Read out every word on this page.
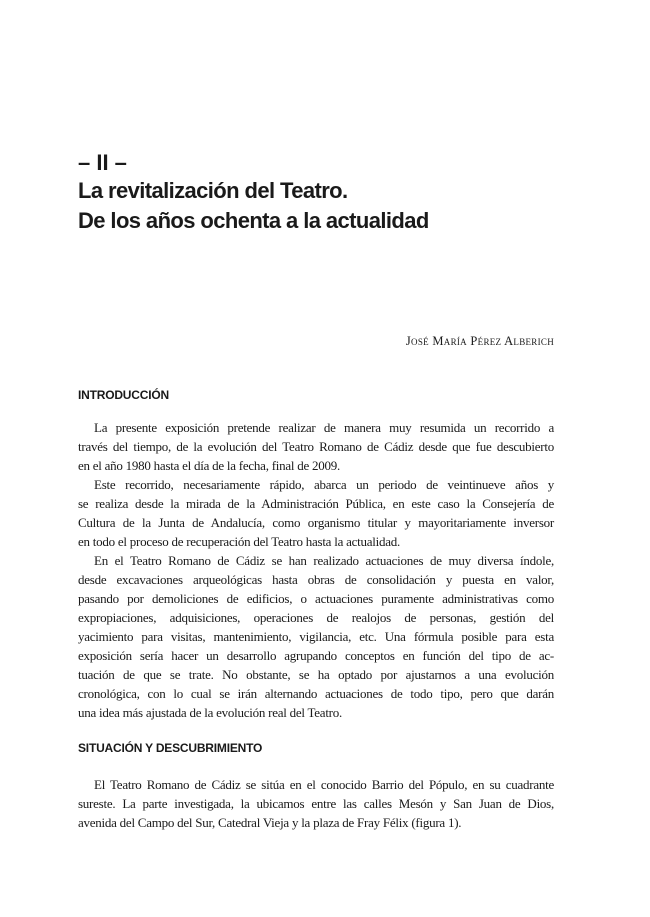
– II –
La revitalización del Teatro.
De los años ochenta a la actualidad
José María Pérez Alberich
INTRODUCCIÓN

La presente exposición pretende realizar de manera muy resumida un recorrido a
través del tiempo, de la evolución del Teatro Romano de Cádiz desde que fue descubierto
en el año 1980 hasta el día de la fecha, final de 2009.

Este recorrido, necesariamente rápido, abarca un periodo de veintinueve años y
se realiza desde la mirada de la Administración Pública, en este caso la Consejería de
Cultura de la Junta de Andalucía, como organismo titular y mayoritariamente inversor
en todo el proceso de recuperación del Teatro hasta la actualidad.

En el Teatro Romano de Cádiz se han realizado actuaciones de muy diversa índole,
desde excavaciones arqueológicas hasta obras de consolidación y puesta en valor,
pasando por demoliciones de edificios, o actuaciones puramente administrativas como
expropiaciones, adquisiciones, operaciones de realojos de personas, gestión del
yacimiento para visitas, mantenimiento, vigilancia, etc. Una fórmula posible para esta
exposición sería hacer un desarrollo agrupando conceptos en función del tipo de ac-
tuación de que se trate. No obstante, se ha optado por ajustarnos a una evolución
cronológica, con lo cual se irán alternando actuaciones de todo tipo, pero que darán
una idea más ajustada de la evolución real del Teatro.

SITUACIÓN Y DESCUBRIMIENTO

El Teatro Romano de Cádiz se sitúa en el conocido Barrio del Pópulo, en su cuadrante
sureste. La parte investigada, la ubicamos entre las calles Mesón y San Juan de Dios,
avenida del Campo del Sur, Catedral Vieja y la plaza de Fray Félix (figura 1).
